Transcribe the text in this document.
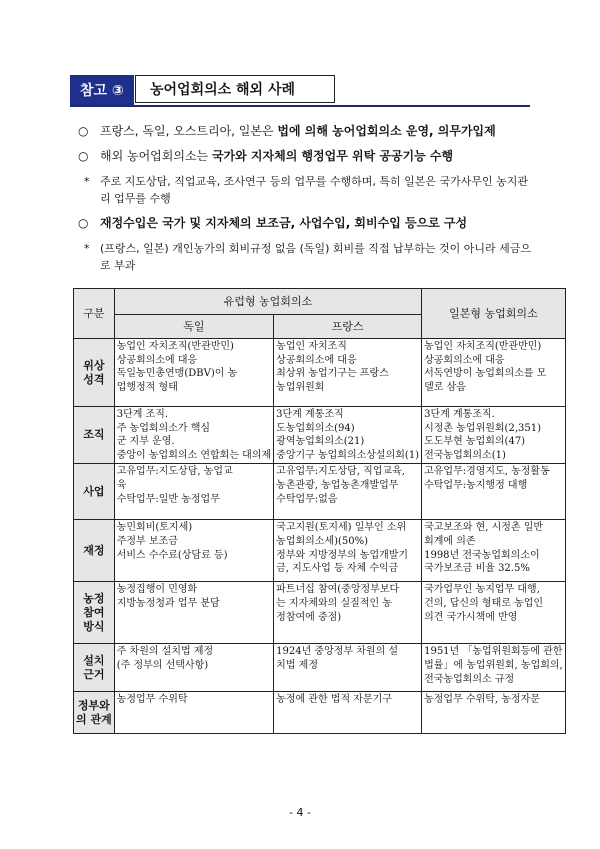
참고 ③	농어업회의소 해외 사례
○ 프랑스, 독일, 오스트리아, 일본은 법에 의해 농어업회의소 운영, 의무가입제
○ 해외 농어업회의소는 국가와 지자체의 행정업무 위탁 공공기능 수행
* 주로 지도상담, 직업교육, 조사연구 등의 업무를 수행하며, 특히 일본은 국가사무인 농지관리 업무를 수행
○ 재정수입은 국가 및 지자체의 보조금, 사업수입, 회비수입 등으로 구성
* (프랑스, 일본) 개인농가의 회비규정 없음 (독일) 회비를 직접 납부하는 것이 아니라 세금으로 부과
구분	유럽형 농업회의소		일본형 농업회의소
	독일	프랑스	

위상
성격	농업인 자치조직(반관반민)
상공회의소에 대응
독일농민총연맹(DBV)이 농
업행정적 형태	농업인 자치조직
상공회의소에 대응
최상위 농업기구는 프랑스
농업위원회	농업인 자치조직(반관반민)
상공회의소에 대응
서독연방이 농업회의소를 모
델로 삼음

조직	3단계 조직.
주 농업회의소가 핵심
군 지부 운영.
중앙이 농업회의소 연합회는 대의제	3단계 계통조직
도농업회의소(94)
광역농업회의소(21)
중앙기구 농업회의소상설의회(1)	3단계 계통조직.
시정촌 농업위원회(2,351)
도도부현 농업회의(47)
전국농업회의소(1)

사업	고유업무:지도상담, 농업교
육
수탁업무:일반 농정업무	고유업무:지도상담, 직업교육,
농촌관광, 농업농촌개발업무
수탁업무:없음	고유업무:경영지도, 농정활동
수탁업무:농지행정 대행

재정	농민회비(토지세)
주정부 보조금
서비스 수수료(상담료 등)	국고지원(토지세) 일부인 소위
농업회의소세)(50%)
정부와 지방정부의 농업개발기
금, 지도사업 등 자체 수익금	국고보조와 현, 시정촌 일반
회계에 의존
1998년 전국농업회의소이
국가보조금 비율 32.5%

농정
참여
방식	농정집행이 민영화
지방농정청과 업무 분담	파트너십 참여(중앙정부보다
는 지자체와의 실질적인 농
정참여에 중점)	국가업무인 농지업무 대행,
건의, 답신의 형태로 농업인
의견 국가시책에 반영

설치
근거	주 차원의 설치법 제정
(주 정부의 선택사항)	1924년 중앙정부 차원의 설
치법 제정	1951년 「농업위원회등에 관한
법률」에 농업위원회, 농업회의,
전국농업회의소 규정

정부와
의 관계	농정업무 수위탁	농정에 관한 법적 자문기구	농정업무 수위탁, 농정자문
- 4 -
